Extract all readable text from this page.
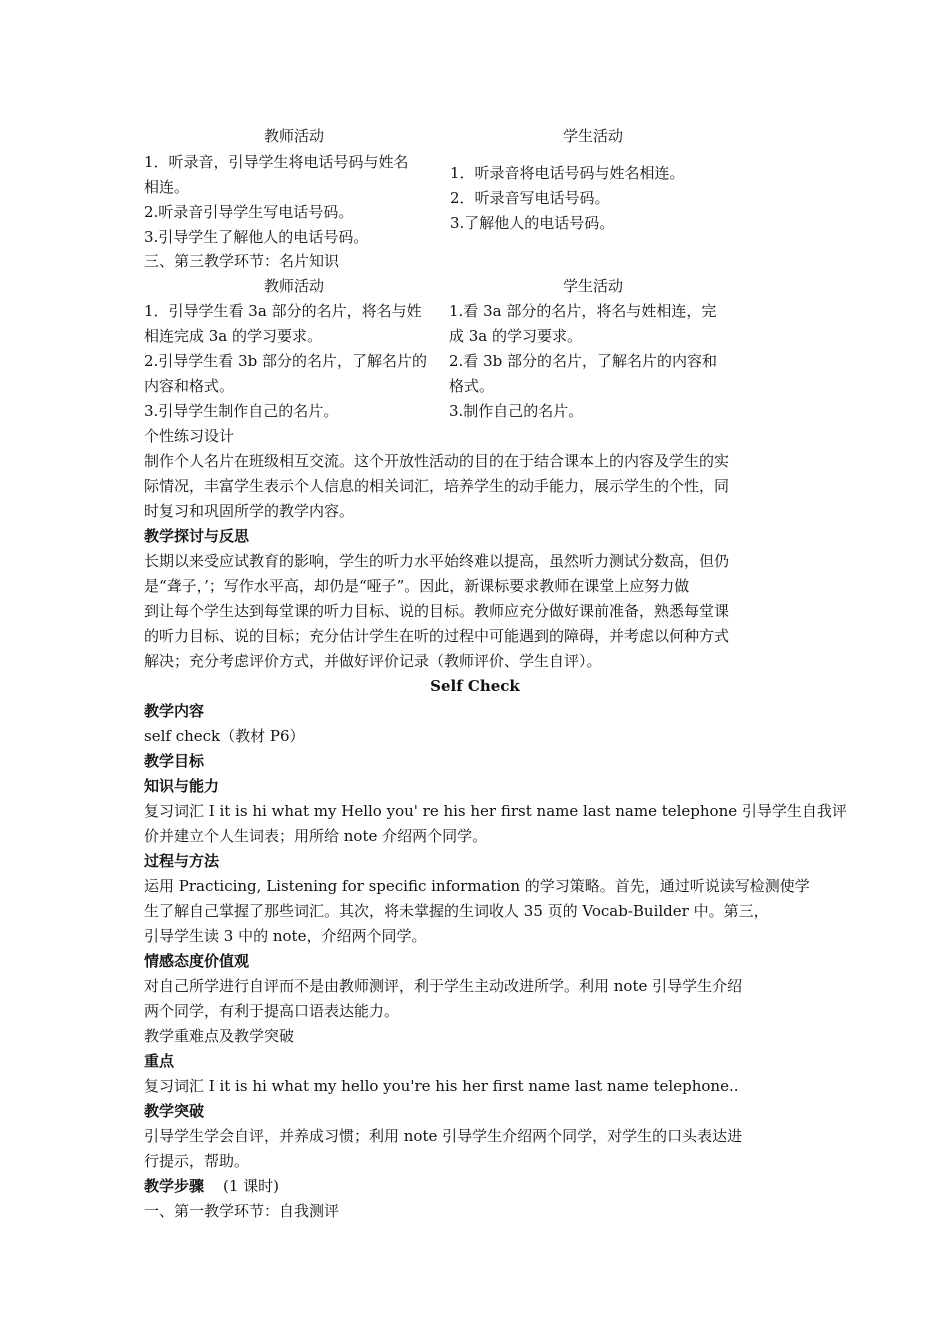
教师活动	学生活动
1．听录音，引导学生将电话号码与姓名
相连。
2.听录音引导学生写电话号码。
3.引导学生了解他人的电话号码。
1．听录音将电话号码与姓名相连。
2．听录音写电话号码。
3.了解他人的电话号码。
三、第三教学环节：名片知识
教师活动	学生活动
1．引导学生看 3a 部分的名片，将名与姓
相连完成 3a 的学习要求。
2.引导学生看 3b 部分的名片，了解名片的
内容和格式。
3.引导学生制作自己的名片。
1.看 3a 部分的名片，将名与姓相连，完
成 3a 的学习要求。
2.看 3b 部分的名片，了解名片的内容和
格式。
3.制作自己的名片。
个性练习设计
制作个人名片在班级相互交流。这个开放性活动的目的在于结合课本上的内容及学生的实
际情况，丰富学生表示个人信息的相关词汇，培养学生的动手能力，展示学生的个性，同
时复习和巩固所学的教学内容。
教学探讨与反思
长期以来受应试教育的影响，学生的听力水平始终难以提高，虽然听力测试分数高，但仍
是“聋子，’；写作水平高，却仍是“哑子”。因此，新课标要求教师在课堂上应努力做
到让每个学生达到每堂课的听力目标、说的目标。教师应充分做好课前准备，熟悉每堂课
的听力目标、说的目标；充分估计学生在听的过程中可能遇到的障碍，并考虑以何种方式
解决；充分考虑评价方式，并做好评价记录（教师评价、学生自评）。
Self Check
教学内容
self check（教材 P6）
教学目标
知识与能力
复习词汇 I it is hi what my Hello you' re his her first name last name telephone 引导学生自我评
价并建立个人生词表；用所给 note 介绍两个同学。
过程与方法
运用 Practicing, Listening for specific information 的学习策略。首先，通过听说读写检测使学
生了解自己掌握了那些词汇。其次，将未掌握的生词收人 35 页的 Vocab-Builder 中。第三，
引导学生读 3 中的 note，介绍两个同学。
情感态度价值观
对自己所学进行自评而不是由教师测评，利于学生主动改进所学。利用 note 引导学生介绍
两个同学，有利于提高口语表达能力。
教学重难点及教学突破
重点
复习词汇 I it is hi what my hello you're his her first name last name telephone..
教学突破
引导学生学会自评，并养成习惯；利用 note 引导学生介绍两个同学，对学生的口头表达进
行提示，帮助。
教学步骤 (1 课时)
一、第一教学环节：自我测评
